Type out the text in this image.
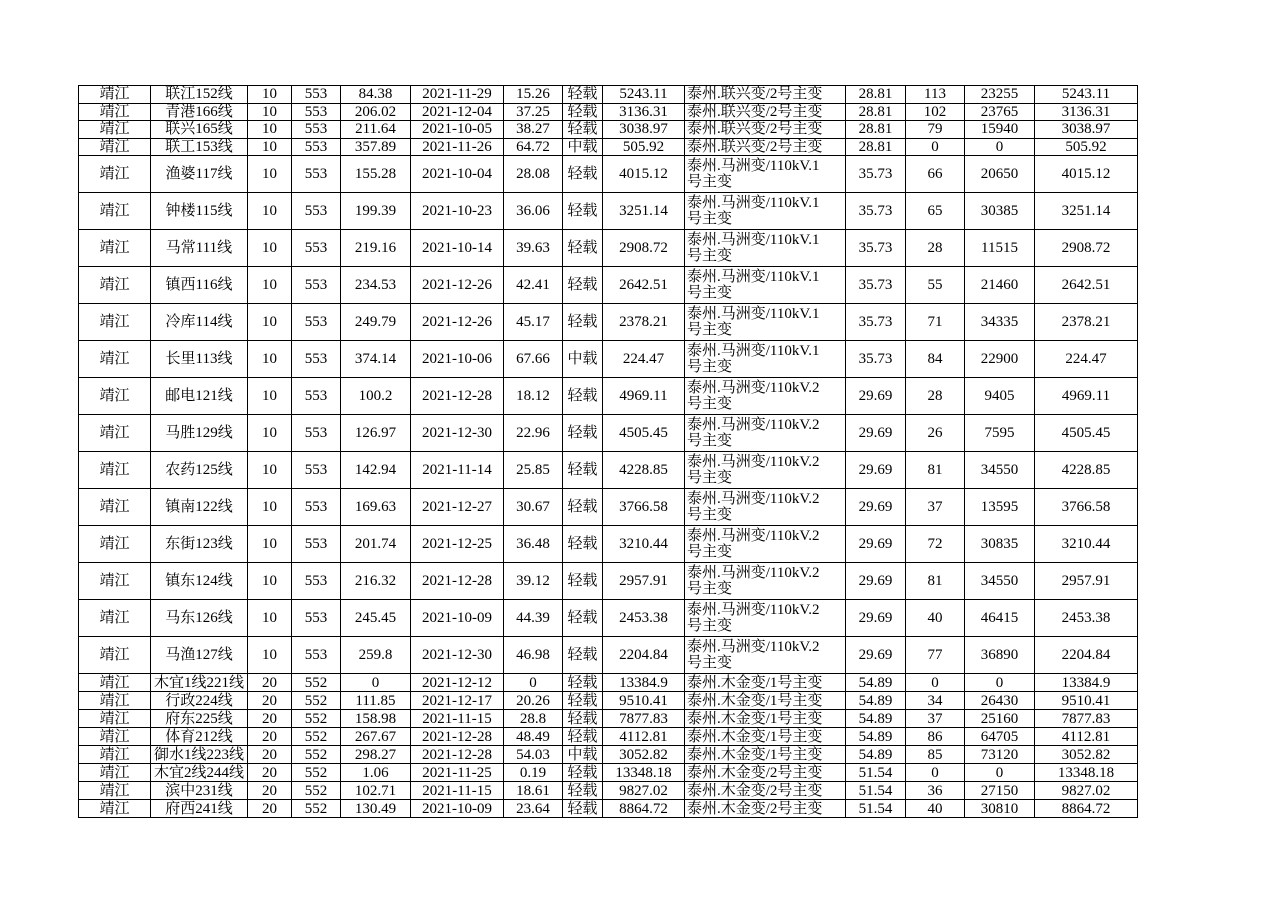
靖江	联江152线	10	553	84.38	2021-11-29	15.26	轻载	5243.11	泰州.联兴变/2号主变	28.81	113	23255	5243.11
靖江	青港166线	10	553	206.02	2021-12-04	37.25	轻载	3136.31	泰州.联兴变/2号主变	28.81	102	23765	3136.31
靖江	联兴165线	10	553	211.64	2021-10-05	38.27	轻载	3038.97	泰州.联兴变/2号主变	28.81	79	15940	3038.97
靖江	联工153线	10	553	357.89	2021-11-26	64.72	中载	505.92	泰州.联兴变/2号主变	28.81	0	0	505.92
靖江	渔婆117线	10	553	155.28	2021-10-04	28.08	轻载	4015.12	泰州.马洲变/110kV.1号主变	35.73	66	20650	4015.12
靖江	钟楼115线	10	553	199.39	2021-10-23	36.06	轻载	3251.14	泰州.马洲变/110kV.1号主变	35.73	65	30385	3251.14
靖江	马常111线	10	553	219.16	2021-10-14	39.63	轻载	2908.72	泰州.马洲变/110kV.1号主变	35.73	28	11515	2908.72
靖江	镇西116线	10	553	234.53	2021-12-26	42.41	轻载	2642.51	泰州.马洲变/110kV.1号主变	35.73	55	21460	2642.51
靖江	冷库114线	10	553	249.79	2021-12-26	45.17	轻载	2378.21	泰州.马洲变/110kV.1号主变	35.73	71	34335	2378.21
靖江	长里113线	10	553	374.14	2021-10-06	67.66	中载	224.47	泰州.马洲变/110kV.1号主变	35.73	84	22900	224.47
靖江	邮电121线	10	553	100.2	2021-12-28	18.12	轻载	4969.11	泰州.马洲变/110kV.2号主变	29.69	28	9405	4969.11
靖江	马胜129线	10	553	126.97	2021-12-30	22.96	轻载	4505.45	泰州.马洲变/110kV.2号主变	29.69	26	7595	4505.45
靖江	农药125线	10	553	142.94	2021-11-14	25.85	轻载	4228.85	泰州.马洲变/110kV.2号主变	29.69	81	34550	4228.85
靖江	镇南122线	10	553	169.63	2021-12-27	30.67	轻载	3766.58	泰州.马洲变/110kV.2号主变	29.69	37	13595	3766.58
靖江	东街123线	10	553	201.74	2021-12-25	36.48	轻载	3210.44	泰州.马洲变/110kV.2号主变	29.69	72	30835	3210.44
靖江	镇东124线	10	553	216.32	2021-12-28	39.12	轻载	2957.91	泰州.马洲变/110kV.2号主变	29.69	81	34550	2957.91
靖江	马东126线	10	553	245.45	2021-10-09	44.39	轻载	2453.38	泰州.马洲变/110kV.2号主变	29.69	40	46415	2453.38
靖江	马渔127线	10	553	259.8	2021-12-30	46.98	轻载	2204.84	泰州.马洲变/110kV.2号主变	29.69	77	36890	2204.84
靖江	木宜1线221线	20	552	0	2021-12-12	0	轻载	13384.9	泰州.木金变/1号主变	54.89	0	0	13384.9
靖江	行政224线	20	552	111.85	2021-12-17	20.26	轻载	9510.41	泰州.木金变/1号主变	54.89	34	26430	9510.41
靖江	府东225线	20	552	158.98	2021-11-15	28.8	轻载	7877.83	泰州.木金变/1号主变	54.89	37	25160	7877.83
靖江	体育212线	20	552	267.67	2021-12-28	48.49	轻载	4112.81	泰州.木金变/1号主变	54.89	86	64705	4112.81
靖江	御水1线223线	20	552	298.27	2021-12-28	54.03	中载	3052.82	泰州.木金变/1号主变	54.89	85	73120	3052.82
靖江	木宜2线244线	20	552	1.06	2021-11-25	0.19	轻载	13348.18	泰州.木金变/2号主变	51.54	0	0	13348.18
靖江	滨中231线	20	552	102.71	2021-11-15	18.61	轻载	9827.02	泰州.木金变/2号主变	51.54	36	27150	9827.02
靖江	府西241线	20	552	130.49	2021-10-09	23.64	轻载	8864.72	泰州.木金变/2号主变	51.54	40	30810	8864.72
